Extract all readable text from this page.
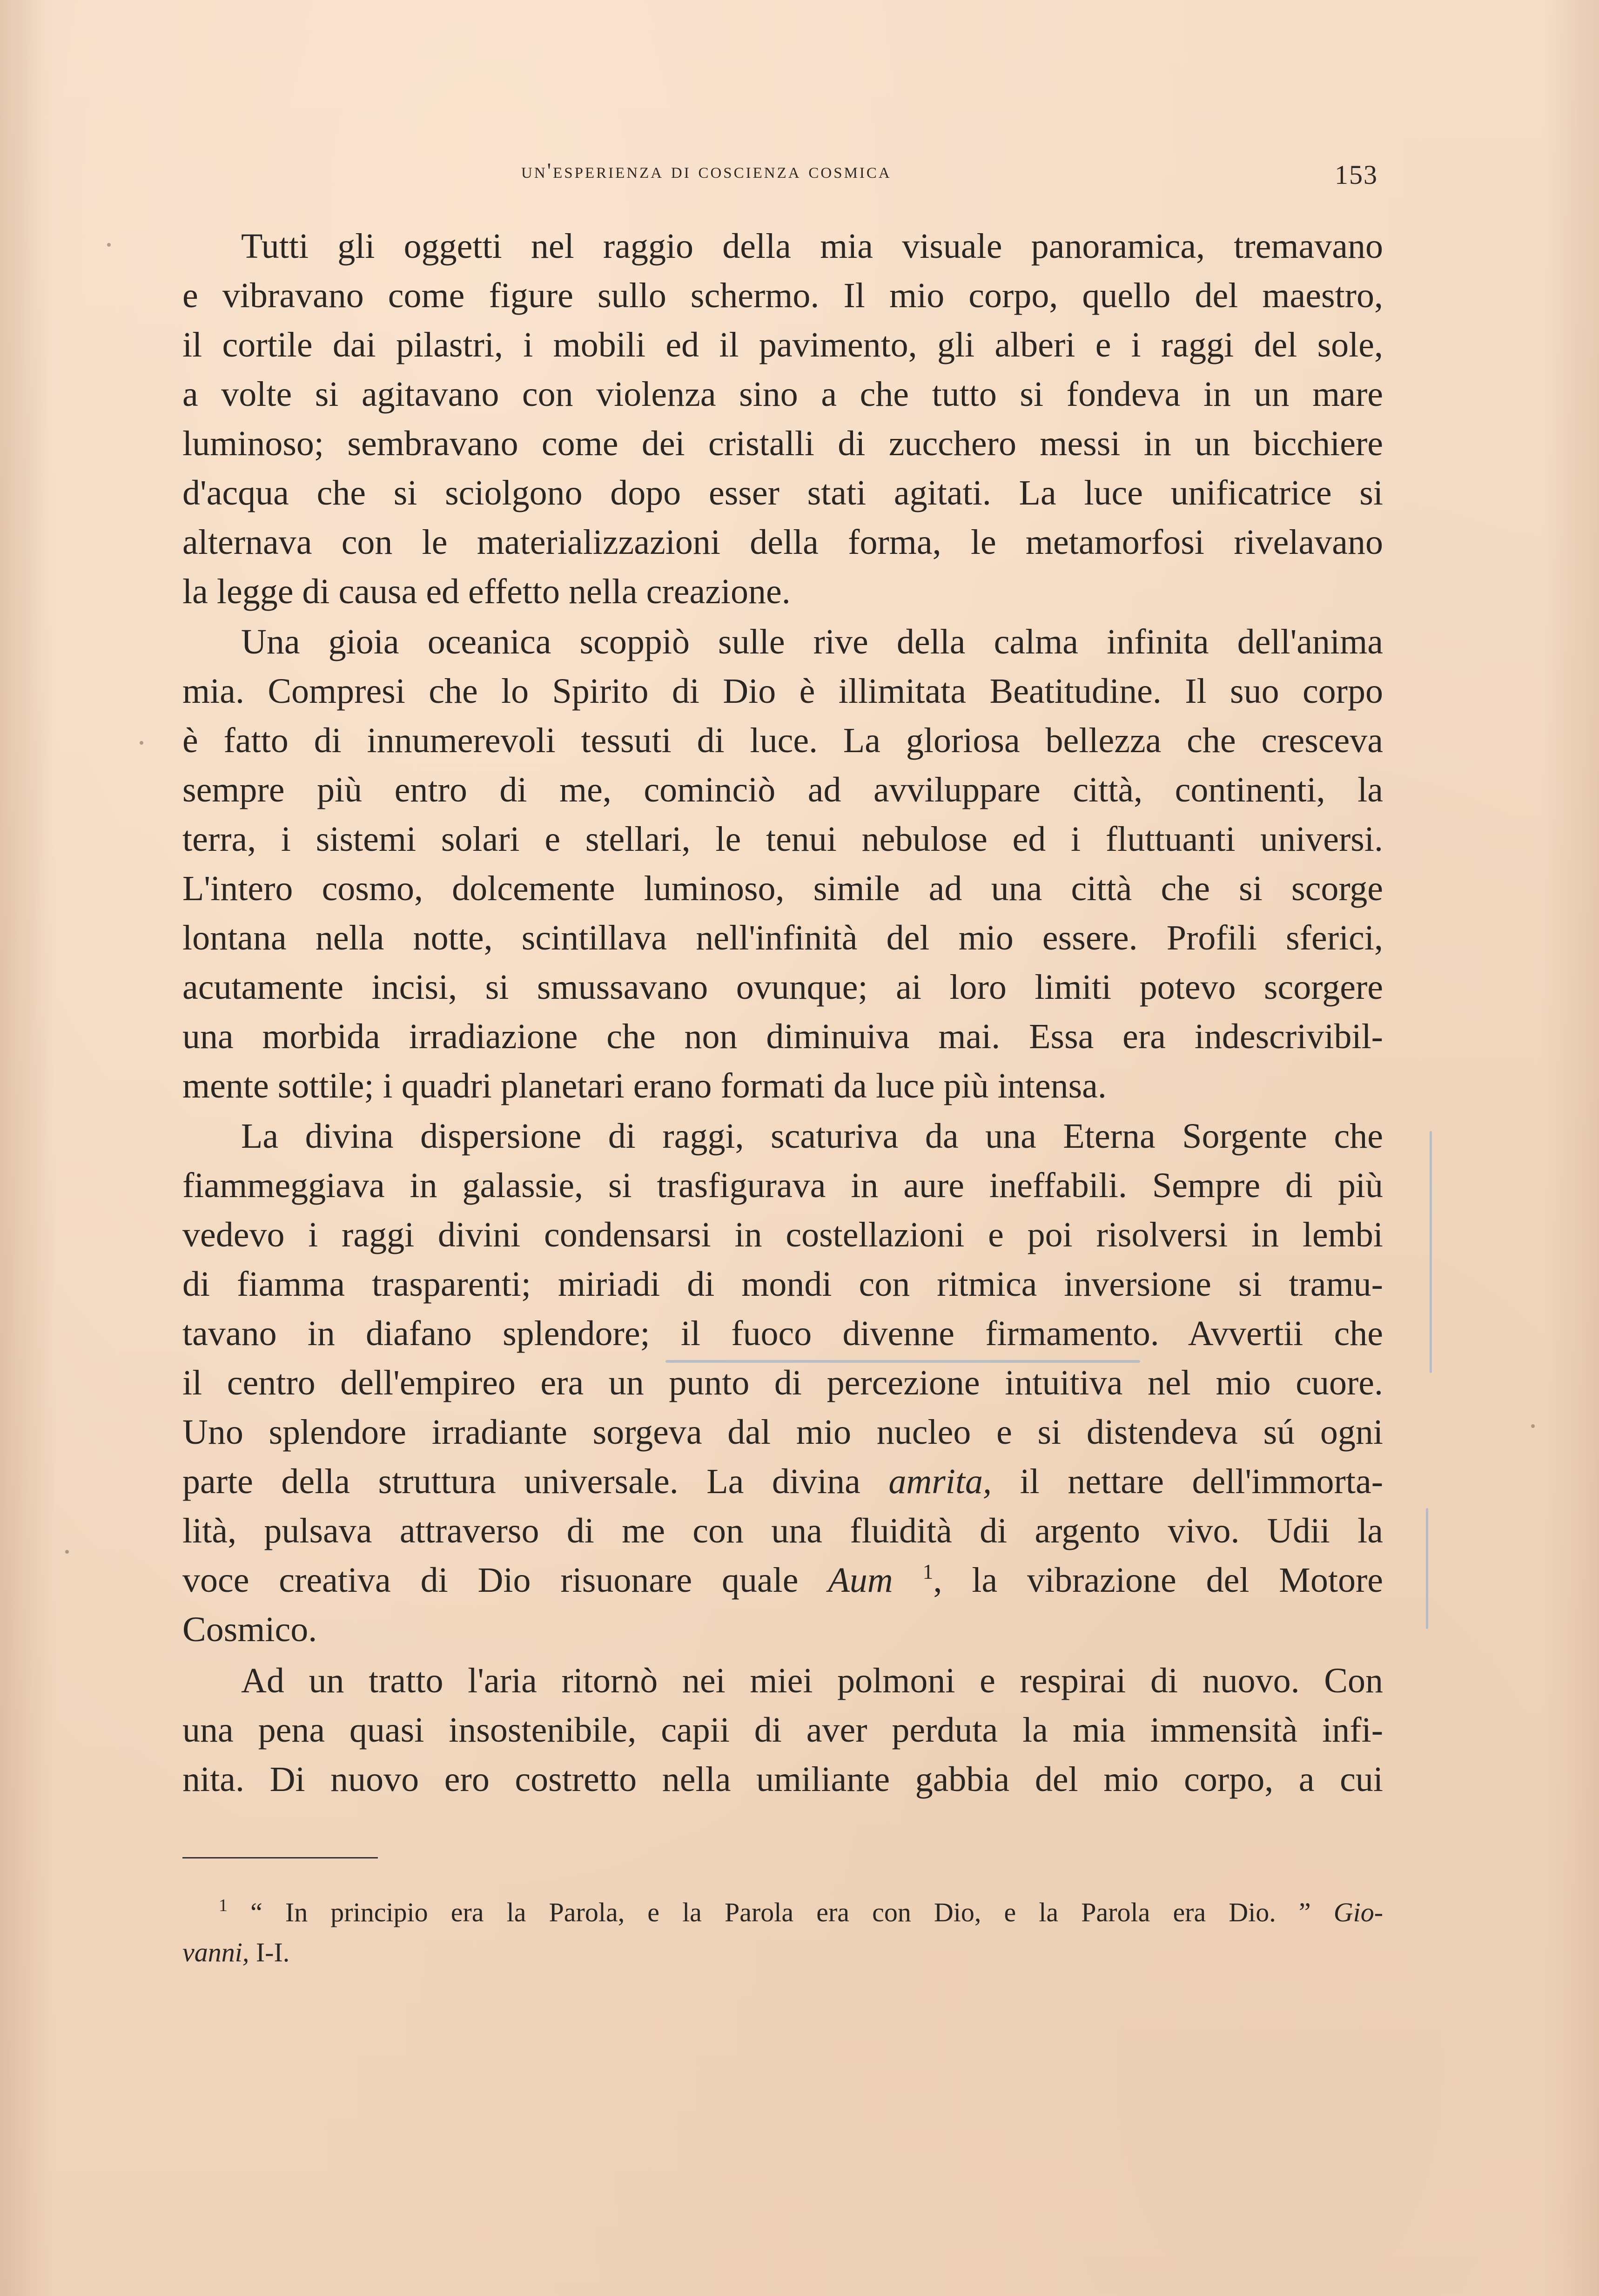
un'esperienza di coscienza cosmica	153
Tutti gli oggetti nel raggio della mia visuale panoramica, tremavano
e vibravano come figure sullo schermo. Il mio corpo, quello del maestro,
il cortile dai pilastri, i mobili ed il pavimento, gli alberi e i raggi del sole,
a volte si agitavano con violenza sino a che tutto si fondeva in un mare
luminoso; sembravano come dei cristalli di zucchero messi in un bicchiere
d'acqua che si sciolgono dopo esser stati agitati. La luce unificatrice si
alternava con le materializzazioni della forma, le metamorfosi rivelavano
la legge di causa ed effetto nella creazione.
Una gioia oceanica scoppiò sulle rive della calma infinita dell'anima
mia. Compresi che lo Spirito di Dio è illimitata Beatitudine. Il suo corpo
è fatto di innumerevoli tessuti di luce. La gloriosa bellezza che cresceva
sempre più entro di me, cominciò ad avviluppare città, continenti, la
terra, i sistemi solari e stellari, le tenui nebulose ed i fluttuanti universi.
L'intero cosmo, dolcemente luminoso, simile ad una città che si scorge
lontana nella notte, scintillava nell'infinità del mio essere. Profili sferici,
acutamente incisi, si smussavano ovunque; ai loro limiti potevo scorgere
una morbida irradiazione che non diminuiva mai. Essa era indescrivibil-
mente sottile; i quadri planetari erano formati da luce più intensa.
La divina dispersione di raggi, scaturiva da una Eterna Sorgente che
fiammeggiava in galassie, si trasfigurava in aure ineffabili. Sempre di più
vedevo i raggi divini condensarsi in costellazioni e poi risolversi in lembi
di fiamma trasparenti; miriadi di mondi con ritmica inversione si tramu-
tavano in diafano splendore; il fuoco divenne firmamento. Avvertii che
il centro dell'empireo era un punto di percezione intuitiva nel mio cuore.
Uno splendore irradiante sorgeva dal mio nucleo e si distendeva sú ogni
parte della struttura universale. La divina amrita, il nettare dell'immorta-
lità, pulsava attraverso di me con una fluidità di argento vivo. Udii la
voce creativa di Dio risuonare quale Aum $^1$, la vibrazione del Motore
Cosmico.
Ad un tratto l'aria ritornò nei miei polmoni e respirai di nuovo. Con
una pena quasi insostenibile, capii di aver perduta la mia immensità infi-
nita. Di nuovo ero costretto nella umiliante gabbia del mio corpo, a cui
$^1$ “ In principio era la Parola, e la Parola era con Dio, e la Parola era Dio. ” Gio-
vanni, I-I.
